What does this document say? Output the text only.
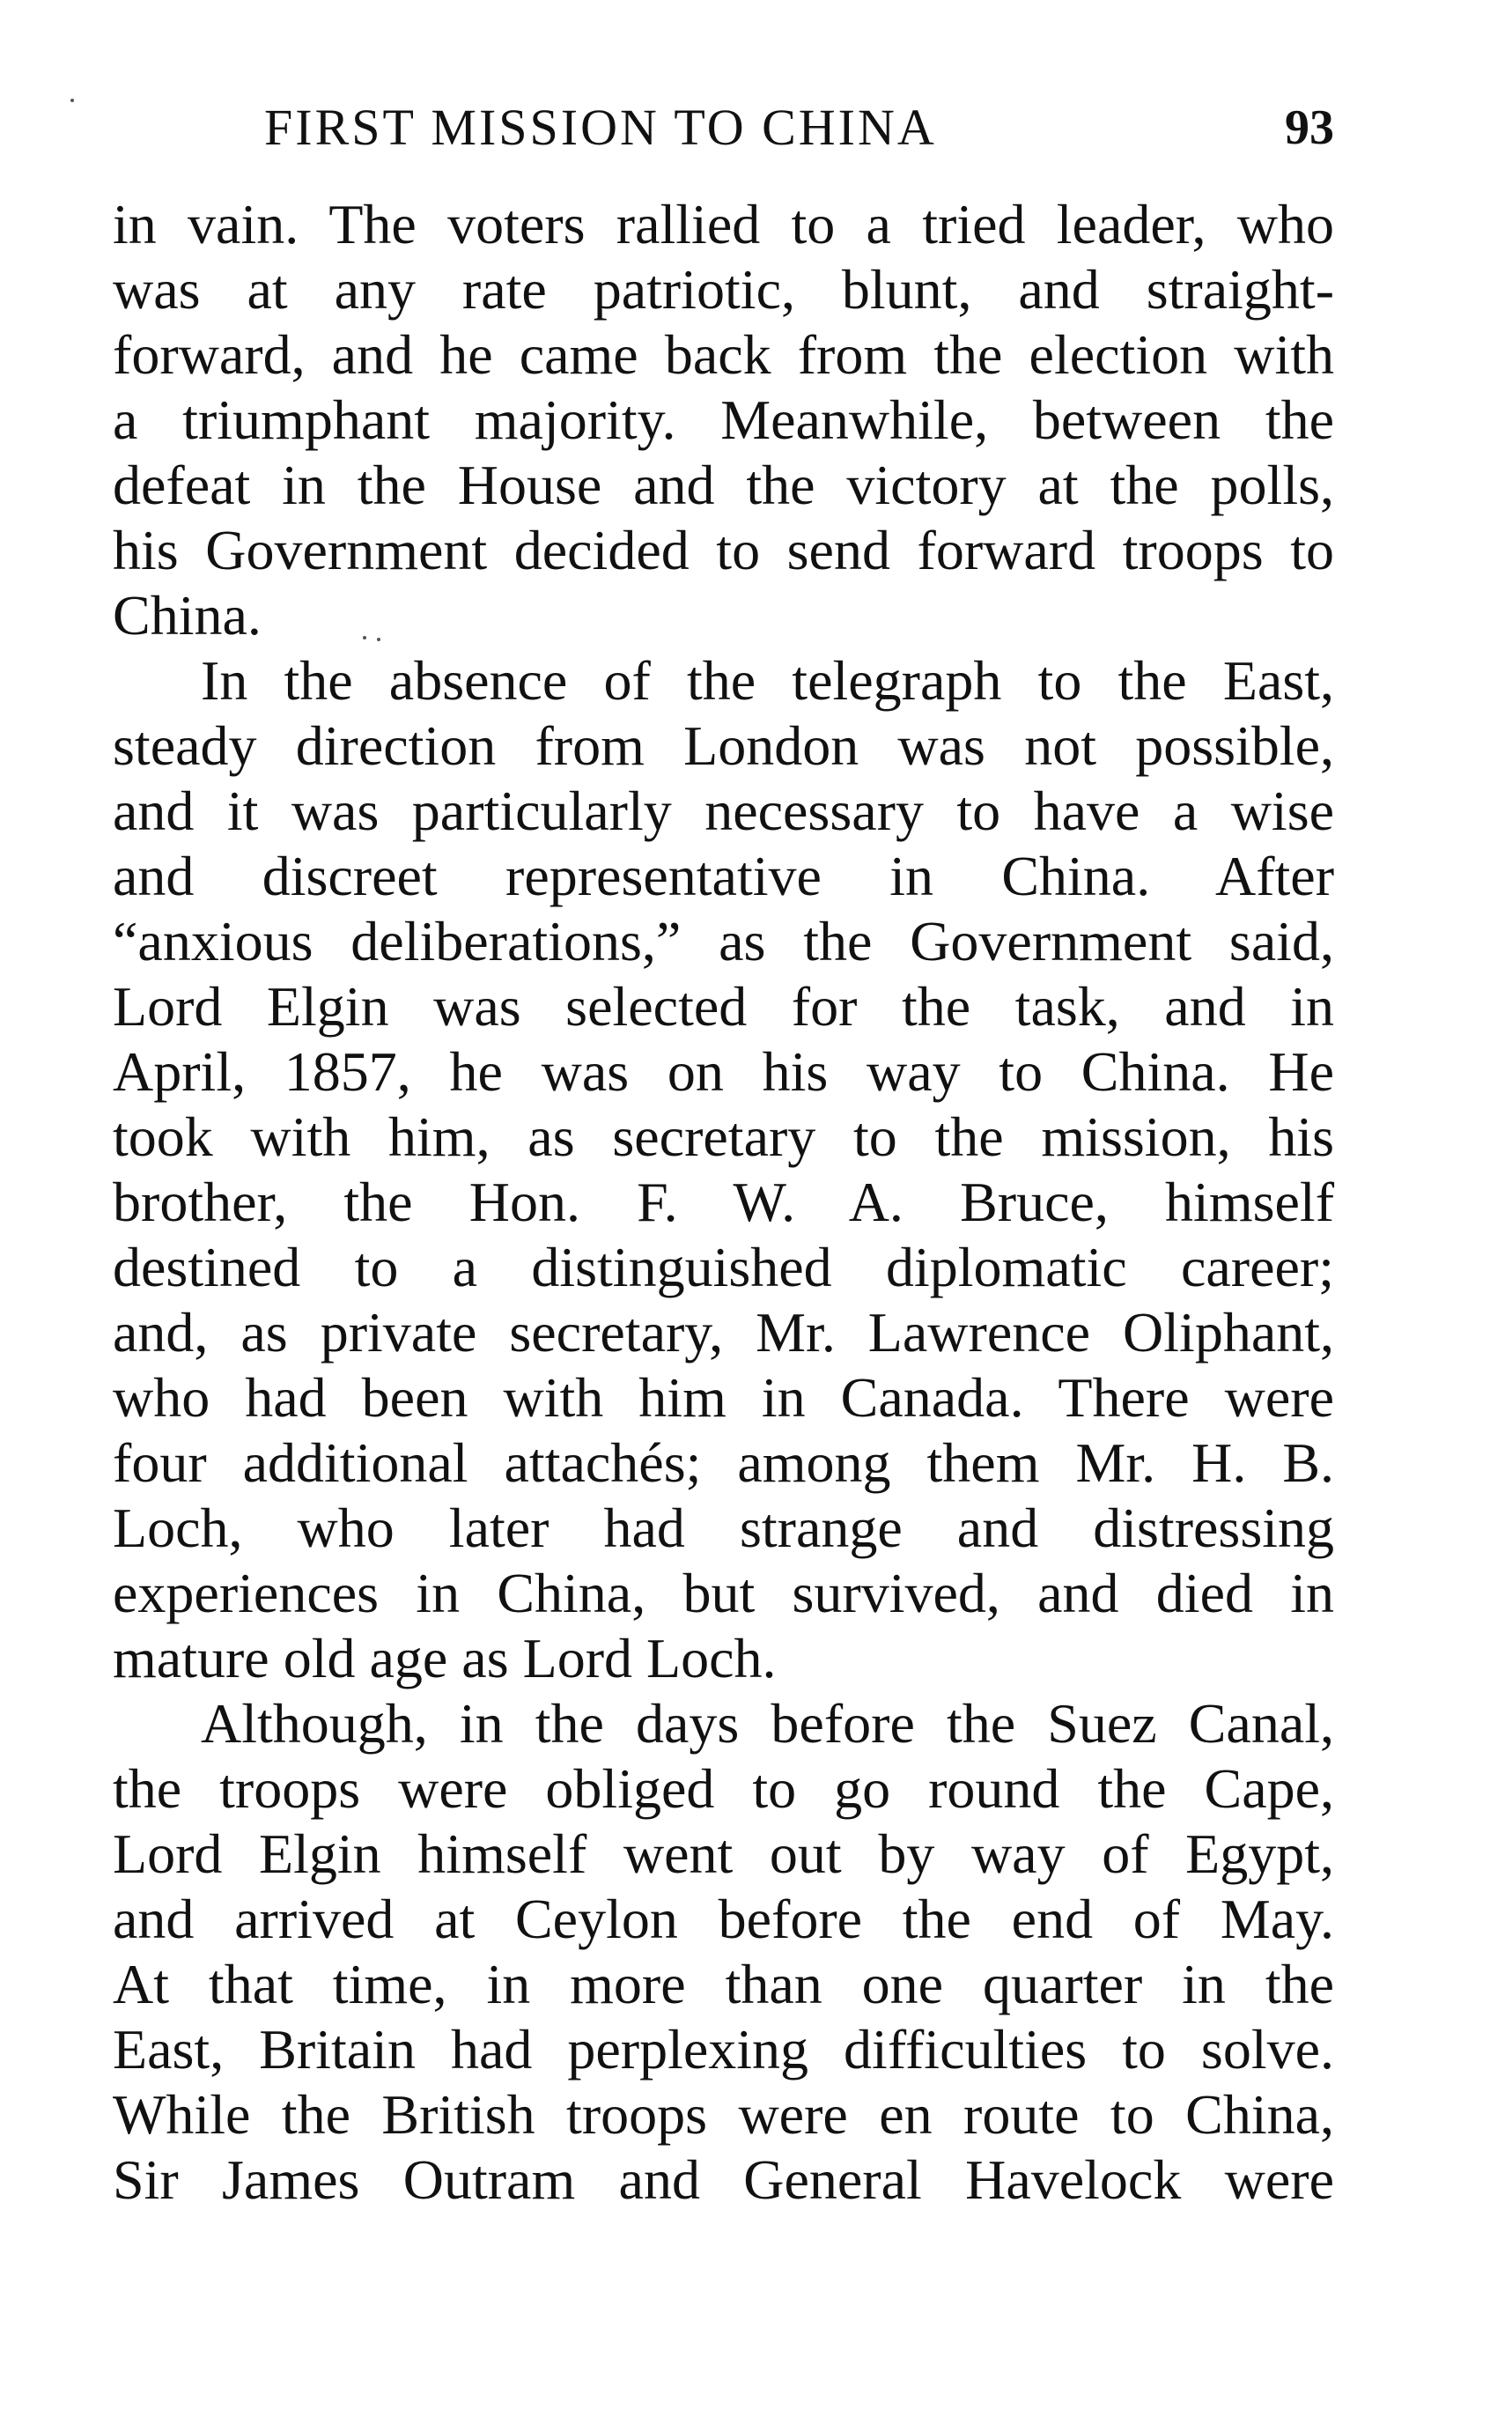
FIRST MISSION TO CHINA	93
in vain. The voters rallied to a tried leader, who
was at any rate patriotic, blunt, and straight-
forward, and he came back from the election with
a triumphant majority. Meanwhile, between the
defeat in the House and the victory at the polls,
his Government decided to send forward troops to
China.
In the absence of the telegraph to the East,
steady direction from London was not possible,
and it was particularly necessary to have a wise
and discreet representative in China. After
“anxious deliberations,” as the Government said,
Lord Elgin was selected for the task, and in
April, 1857, he was on his way to China. He
took with him, as secretary to the mission, his
brother, the Hon. F. W. A. Bruce, himself
destined to a distinguished diplomatic career;
and, as private secretary, Mr. Lawrence Oliphant,
who had been with him in Canada. There were
four additional attachés; among them Mr. H. B.
Loch, who later had strange and distressing
experiences in China, but survived, and died in
mature old age as Lord Loch.
Although, in the days before the Suez Canal,
the troops were obliged to go round the Cape,
Lord Elgin himself went out by way of Egypt,
and arrived at Ceylon before the end of May.
At that time, in more than one quarter in the
East, Britain had perplexing difficulties to solve.
While the British troops were en route to China,
Sir James Outram and General Havelock were
